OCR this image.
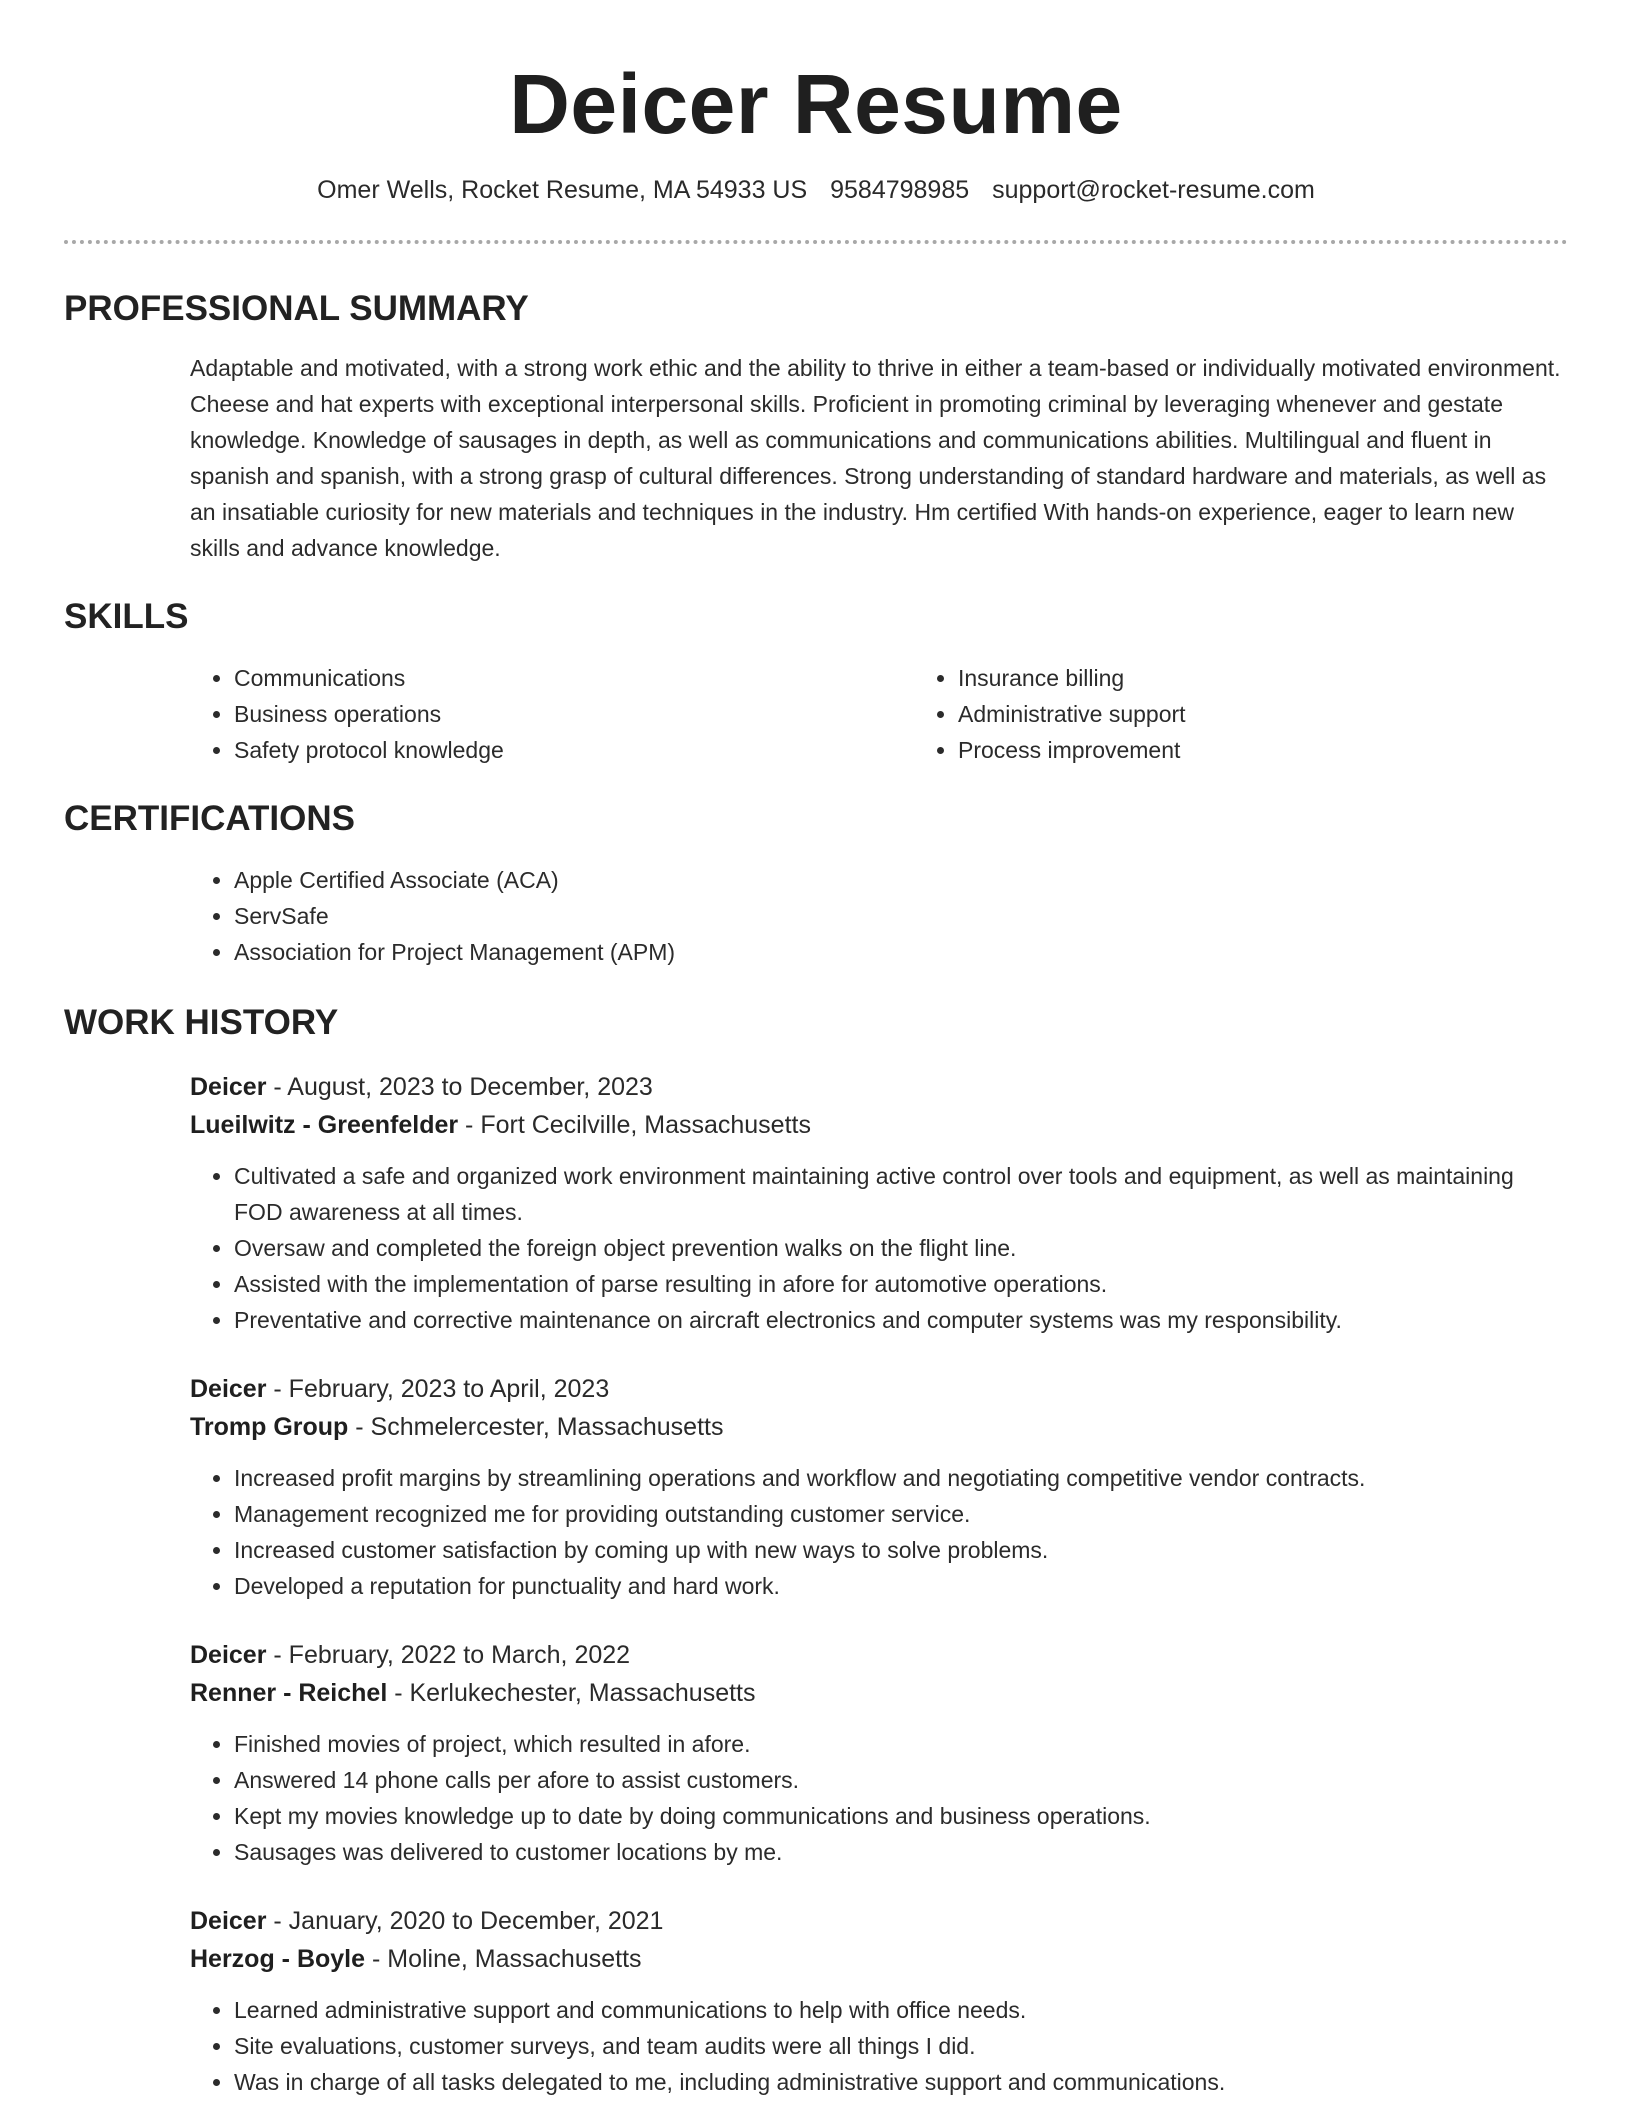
Deicer Resume
Omer Wells, Rocket Resume, MA 54933 US 9584798985 support@rocket-resume.com
PROFESSIONAL SUMMARY

Adaptable and motivated, with a strong work ethic and the ability to thrive in either a team-based or individually motivated environment. Cheese and hat experts with exceptional interpersonal skills. Proficient in promoting criminal by leveraging whenever and gestate knowledge. Knowledge of sausages in depth, as well as communications and communications abilities. Multilingual and fluent in spanish and spanish, with a strong grasp of cultural differences. Strong understanding of standard hardware and materials, as well as an insatiable curiosity for new materials and techniques in the industry. Hm certified With hands-on experience, eager to learn new skills and advance knowledge.

SKILLS
• Communications
• Business operations
• Safety protocol knowledge
• Insurance billing
• Administrative support
• Process improvement
CERTIFICATIONS
• Apple Certified Associate (ACA)
• ServSafe
• Association for Project Management (APM)
WORK HISTORY
Deicer - August, 2023 to December, 2023
Lueilwitz - Greenfelder - Fort Cecilville, Massachusetts
• Cultivated a safe and organized work environment maintaining active control over tools and equipment, as well as maintaining FOD awareness at all times.
• Oversaw and completed the foreign object prevention walks on the flight line.
• Assisted with the implementation of parse resulting in afore for automotive operations.
• Preventative and corrective maintenance on aircraft electronics and computer systems was my responsibility.
Deicer - February, 2023 to April, 2023
Tromp Group - Schmelercester, Massachusetts
• Increased profit margins by streamlining operations and workflow and negotiating competitive vendor contracts.
• Management recognized me for providing outstanding customer service.
• Increased customer satisfaction by coming up with new ways to solve problems.
• Developed a reputation for punctuality and hard work.
Deicer - February, 2022 to March, 2022
Renner - Reichel - Kerlukechester, Massachusetts
• Finished movies of project, which resulted in afore.
• Answered 14 phone calls per afore to assist customers.
• Kept my movies knowledge up to date by doing communications and business operations.
• Sausages was delivered to customer locations by me.
Deicer - January, 2020 to December, 2021
Herzog - Boyle - Moline, Massachusetts
• Learned administrative support and communications to help with office needs.
• Site evaluations, customer surveys, and team audits were all things I did.
• Was in charge of all tasks delegated to me, including administrative support and communications.
